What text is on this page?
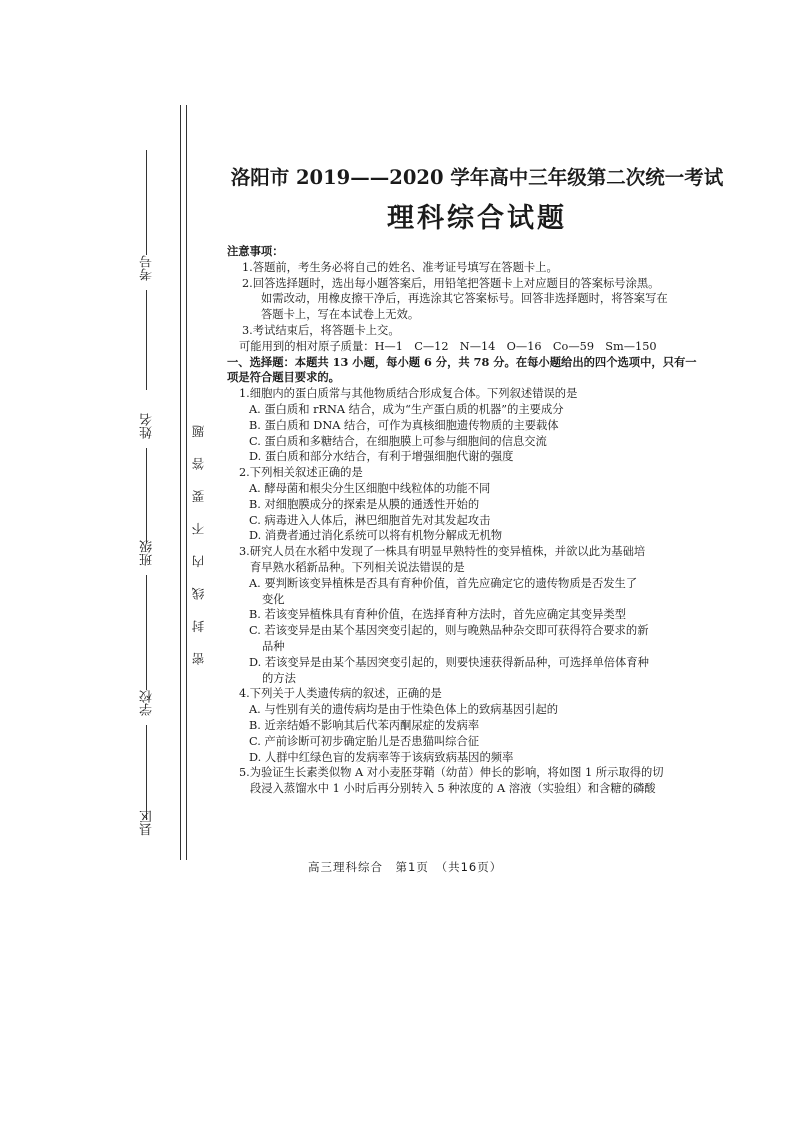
考号
姓名
班级
学校
县区
密封线内不要答题
洛阳市 2019——2020 学年高中三年级第二次统一考试
理科综合试题

注意事项：

1.答题前，考生务必将自己的姓名、准考证号填写在答题卡上。

2.回答选择题时，选出每小题答案后，用铅笔把答题卡上对应题目的答案标号涂黑。

如需改动，用橡皮擦干净后，再选涂其它答案标号。回答非选择题时，将答案写在

答题卡上，写在本试卷上无效。

3.考试结束后，将答题卡上交。

可能用到的相对原子质量：H—1　C—12　N—14　O—16　Co—59　Sm—150

一、选择题：本题共 13 小题，每小题 6 分，共 78 分。在每小题给出的四个选项中，只有一

项是符合题目要求的。

1.细胞内的蛋白质常与其他物质结合形成复合体。下列叙述错误的是

A. 蛋白质和 rRNA 结合，成为“生产蛋白质的机器”的主要成分

B. 蛋白质和 DNA 结合，可作为真核细胞遗传物质的主要载体

C. 蛋白质和多糖结合，在细胞膜上可参与细胞间的信息交流

D. 蛋白质和部分水结合，有利于增强细胞代谢的强度

2.下列相关叙述正确的是

A. 酵母菌和根尖分生区细胞中线粒体的功能不同

B. 对细胞膜成分的探索是从膜的通透性开始的

C. 病毒进入人体后，淋巴细胞首先对其发起攻击

D. 消费者通过消化系统可以将有机物分解成无机物

3.研究人员在水稻中发现了一株具有明显早熟特性的变异植株，并欲以此为基础培

育早熟水稻新品种。下列相关说法错误的是

A. 要判断该变异植株是否具有育种价值，首先应确定它的遗传物质是否发生了

变化

B. 若该变异植株具有育种价值，在选择育种方法时，首先应确定其变异类型

C. 若该变异是由某个基因突变引起的，则与晚熟品种杂交即可获得符合要求的新

品种

D. 若该变异是由某个基因突变引起的，则要快速获得新品种，可选择单倍体育种

的方法

4.下列关于人类遗传病的叙述，正确的是

A. 与性别有关的遗传病均是由于性染色体上的致病基因引起的

B. 近亲结婚不影响其后代苯丙酮尿症的发病率

C. 产前诊断可初步确定胎儿是否患猫叫综合征

D. 人群中红绿色盲的发病率等于该病致病基因的频率

5.为验证生长素类似物 A 对小麦胚芽鞘（幼苗）伸长的影响，将如图 1 所示取得的切

段浸入蒸馏水中 1 小时后再分别转入 5 种浓度的 A 溶液（实验组）和含糖的磷酸

高三理科综合　第1页　（共16页）
